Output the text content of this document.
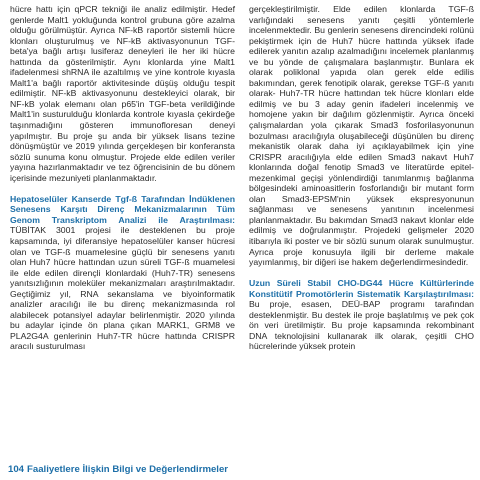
hücre hattı için qPCR tekniği ile analiz edilmiştir. Hedef genlerde Malt1 yokluğunda kontrol grubuna göre azalma olduğu görülmüştür. Ayrıca NF-kB raportör sistemli hücre klonları oluşturulmuş ve NF-kB aktivasyonunun TGF-beta'ya bağlı artışı lusiferaz deneyleri ile her iki hücre hattında da gösterilmiştir. Aynı klonlarda yine Malt1 ifadelenmesi shRNA ile azaltılmış ve yine kontrole kıyasla Malt1'a bağlı raportör aktivitesinde düşüş olduğu tespit edilmiştir. NF-kB aktivasyonunu destekleyici olarak, bir NF-kB yolak elemanı olan p65'in TGF-beta verildiğinde Malt1'in susturulduğu klonlarda kontrole kıyasla çekirdeğe taşınmadığını gösteren immunofloresan deneyi yapılmıştır. Bu proje şu anda bir yüksek lisans tezine dönüşmüştür ve 2019 yılında gerçekleşen bir konferansta sözlü sunuma konu olmuştur. Projede elde edilen veriler yayına hazırlanmaktadır ve tez öğrencisinin de bu dönem içerisinde mezuniyeti planlanmaktadır.

Hepatoselüler Kanserde Tgf-ß Tarafından İndüklenen Senesens Karşıtı Direnç Mekanizmalarının Tüm Genom Transkriptom Analizi ile Araştırılması: TÜBİTAK 3001 projesi ile desteklenen bu proje kapsamında, iyi diferansiye hepatoselüler kanser hücresi olan ve TGF-ß muamelesine güçlü bir senesens yanıtı olan Huh7 hücre hattından uzun süreli TGF-ß muamelesi ile elde edilen dirençli klonlardaki (Huh7-TR) senesens yanıtsızlığının moleküler mekanizmaları araştırılmaktadır. Geçtiğimiz yıl, RNA sekanslama ve biyoinformatik analizler aracılığı ile bu direnç mekanizmasında rol alabilecek potansiyel adaylar belirlenmiştir. 2020 yılında bu adaylar içinde ön plana çıkan MARK1, GRM8 ve PLA2G4A genlerinin Huh7-TR hücre hattında CRISPR aracılı susturulması

gerçekleştirilmiştir. Elde edilen klonlarda TGF-ß varlığındaki senesens yanıtı çeşitli yöntemlerle incelenmektedir. Bu genlerin senesens direncindeki rolünü pekiştirmek için de Huh7 hücre hattında yüksek ifade edilerek yanıtın azalıp azalmadığını incelemek planlanmış ve bu yönde de çalışmalara başlanmıştır. Bunlara ek olarak poliklonal yapıda olan gerek elde edilis bakımından, gerek fenotipik olarak, gerekse TGF-ß yanıtı olarak- Huh7-TR hücre hattından tek hücre klonları elde edilmiş ve bu 3 aday genin ifadeleri incelenmiş ve homojene yakın bir dağılım gözlenmiştir. Ayrıca önceki çalışmalardan yola çıkarak Smad3 fosforilasyonunun bozulması aracılığıyla oluşabileceği düşünülen bu direnç mekanistik olarak daha iyi açıklayabilmek için yine CRISPR aracılığıyla elde edilen Smad3 nakavt Huh7 klonlarında doğal fenotip Smad3 ve literatürde epitel-mezenkimal geçişi yönlendirdiği tanımlanmış bağlanma bölgesindeki aminoasitlerin fosforlandığı bir mutant form olan Smad3-EPSM'nin yüksek ekspresyonunun sağlanması ve senesens yanıtının incelenmesi planlanmaktadır. Bu bakımdan Smad3 nakavt klonlar elde edilmiş ve doğrulanmıştır. Projedeki gelişmeler 2020 itibarıyla iki poster ve bir sözlü sunum olarak sunulmuştur. Ayrıca proje konusuyla ilgili bir derleme makale yayımlanmış, bir diğeri ise hakem değerlendirmesindedir.

Uzun Süreli Stabil CHO-DG44 Hücre Kültürlerinde Konstitütif Promotörlerin Sistematik Karşılaştırılması: Bu proje, esasen, DEÜ-BAP programı tarafından desteklenmiştir. Bu destek ile proje başlatılmış ve pek çok ön veri üretilmiştir. Bu proje kapsamında rekombinant DNA teknolojisini kullanarak ilk olarak, çeşitli CHO hücrelerinde yüksek protein

104 Faaliyetlere İlişkin Bilgi ve Değerlendirmeler
